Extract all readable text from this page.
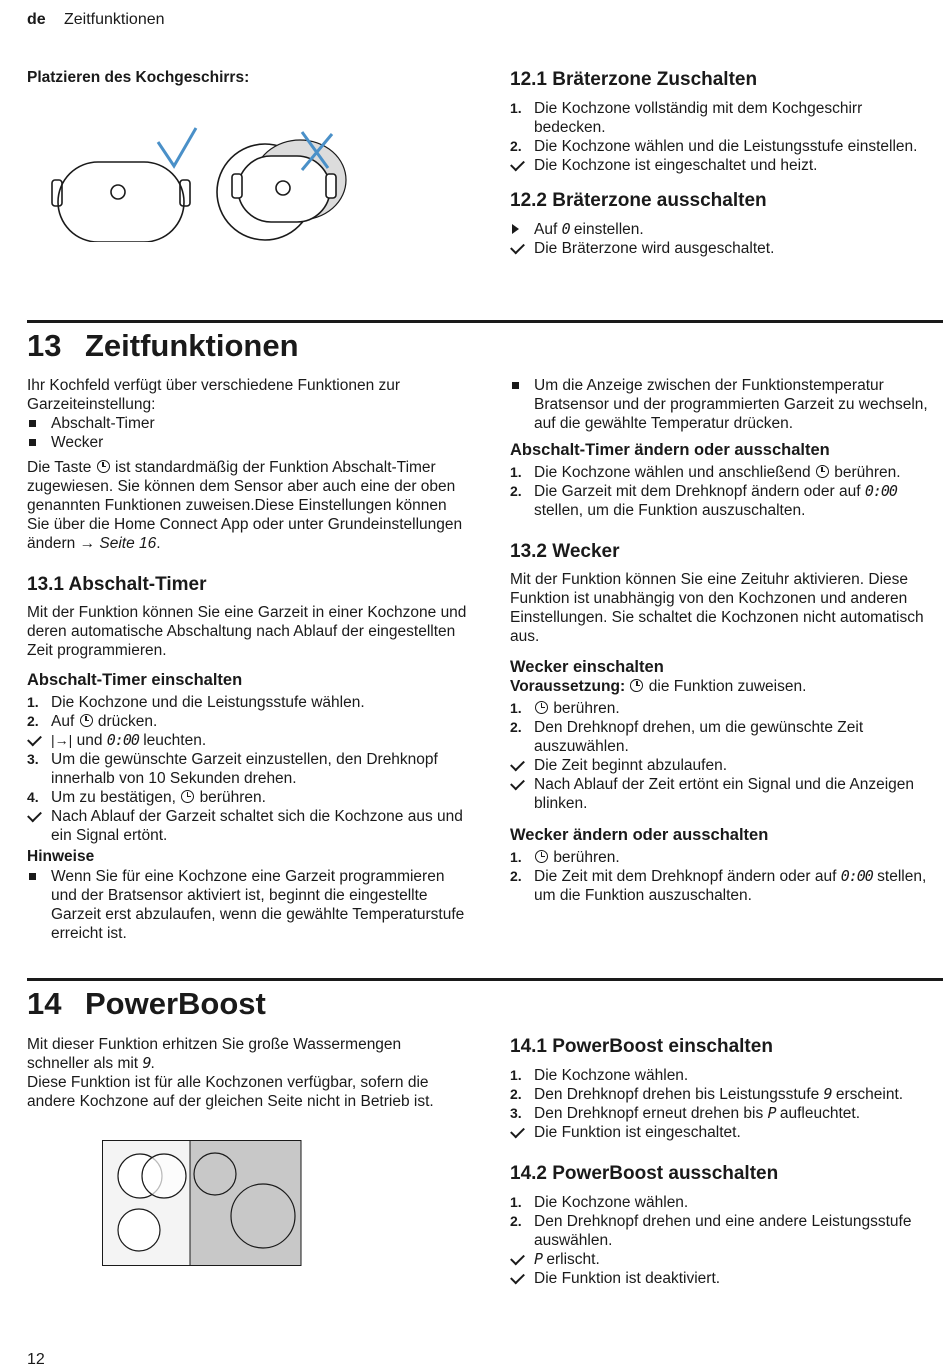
de Zeitfunktionen
Platzieren des Kochgeschirrs:	12.1 Bräterzone Zuschalten
1. Die Kochzone vollständig mit dem Kochgeschirr bedecken.
2. Die Kochzone wählen und die Leistungsstufe einstellen.
Die Kochzone ist eingeschaltet und heizt.
12.2 Bräterzone ausschalten
Auf 0 einstellen.
Die Bräterzone wird ausgeschaltet.
13 Zeitfunktionen

Ihr Kochfeld verfügt über verschiedene Funktionen zur Garzeiteinstellung:

Abschalt-Timer
Wecker

Die Taste ist standardmäßig der Funktion Abschalt-Timer zugewiesen. Sie können dem Sensor aber auch eine der oben genannten Funktionen zuweisen.Diese Einstellungen können Sie über die Home Connect App oder unter Grundeinstellungen ändern → Seite 16.

13.1 Abschalt-Timer

Mit der Funktion können Sie eine Garzeit in einer Kochzone und deren automatische Abschaltung nach Ablauf der eingestellten Zeit programmieren.

Abschalt-Timer einschalten
1. Die Kochzone und die Leistungsstufe wählen.
2. Auf drücken.
|→| und 0:00 leuchten.
3. Um die gewünschte Garzeit einzustellen, den Drehknopf innerhalb von 10 Sekunden drehen.
4. Um zu bestätigen, berühren.
Nach Ablauf der Garzeit schaltet sich die Kochzone aus und ein Signal ertönt.
Hinweise
Wenn Sie für eine Kochzone eine Garzeit programmieren und der Bratsensor aktiviert ist, beginnt die eingestellte Garzeit erst abzulaufen, wenn die gewählte Temperaturstufe erreicht ist.
Um die Anzeige zwischen der Funktionstemperatur Bratsensor und der programmierten Garzeit zu wechseln, auf die gewählte Temperatur drücken.
Abschalt-Timer ändern oder ausschalten
1. Die Kochzone wählen und anschließend berühren.
2. Die Garzeit mit dem Drehknopf ändern oder auf 0:00 stellen, um die Funktion auszuschalten.
13.2 Wecker

Mit der Funktion können Sie eine Zeituhr aktivieren. Diese Funktion ist unabhängig von den Kochzonen und anderen Einstellungen. Sie schaltet die Kochzonen nicht automatisch aus.

Wecker einschalten

Voraussetzung: die Funktion zuweisen.

1.	berühren.
2. Den Drehknopf drehen, um die gewünschte Zeit auszuwählen.
Die Zeit beginnt abzulaufen.
Nach Ablauf der Zeit ertönt ein Signal und die Anzeigen blinken.
Wecker ändern oder ausschalten
1.	berühren.
2. Die Zeit mit dem Drehknopf ändern oder auf 0:00 stellen, um die Funktion auszuschalten.
14 PowerBoost

Mit dieser Funktion erhitzen Sie große Wassermengen schneller als mit 9.

Diese Funktion ist für alle Kochzonen verfügbar, sofern die andere Kochzone auf der gleichen Seite nicht in Betrieb ist.

14.1 PowerBoost einschalten
1. Die Kochzone wählen.
2. Den Drehknopf drehen bis Leistungsstufe 9 erscheint.
3. Den Drehknopf erneut drehen bis P aufleuchtet.
Die Funktion ist eingeschaltet.
14.2 PowerBoost ausschalten
1. Die Kochzone wählen.
2. Den Drehknopf drehen und eine andere Leistungsstufe auswählen.
P erlischt.
Die Funktion ist deaktiviert.
12
